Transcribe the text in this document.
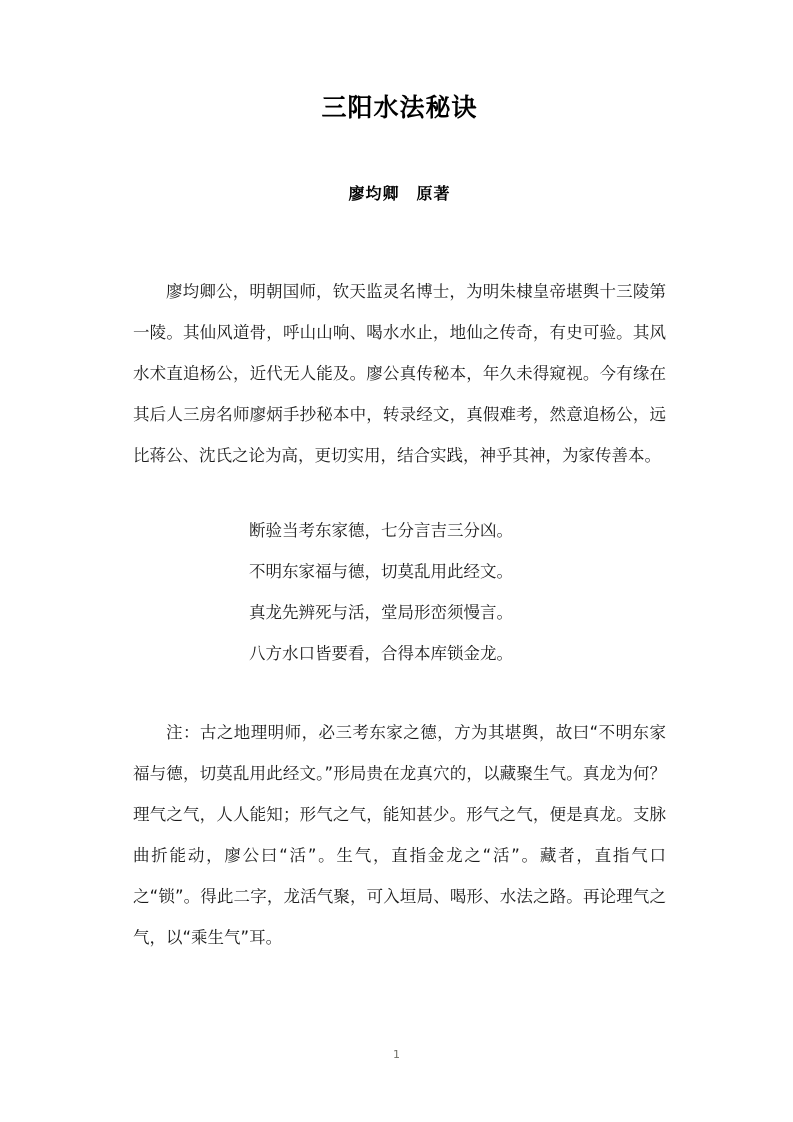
三阳水法秘诀
廖均卿　原著

廖均卿公，明朝国师，钦天监灵名博士，为明朱棣皇帝堪舆十三陵第一陵。其仙风道骨，呼山山响、喝水水止，地仙之传奇，有史可验。其风水术直追杨公，近代无人能及。廖公真传秘本，年久未得窥视。今有缘在其后人三房名师廖炳手抄秘本中，转录经文，真假难考，然意追杨公，远比蒋公、沈氏之论为高，更切实用，结合实践，神乎其神，为家传善本。

断验当考东家德，七分言吉三分凶。

不明东家福与德，切莫乱用此经文。

真龙先辨死与活，堂局形峦须慢言。

八方水口皆要看，合得本库锁金龙。

注：古之地理明师，必三考东家之德，方为其堪舆，故曰“不明东家福与德，切莫乱用此经文。”形局贵在龙真穴的，以藏聚生气。真龙为何？理气之气，人人能知；形气之气，能知甚少。形气之气，便是真龙。支脉曲折能动，廖公曰“活”。生气，直指金龙之“活”。藏者，直指气口之“锁”。得此二字，龙活气聚，可入垣局、喝形、水法之路。再论理气之气，以“乘生气”耳。

1
